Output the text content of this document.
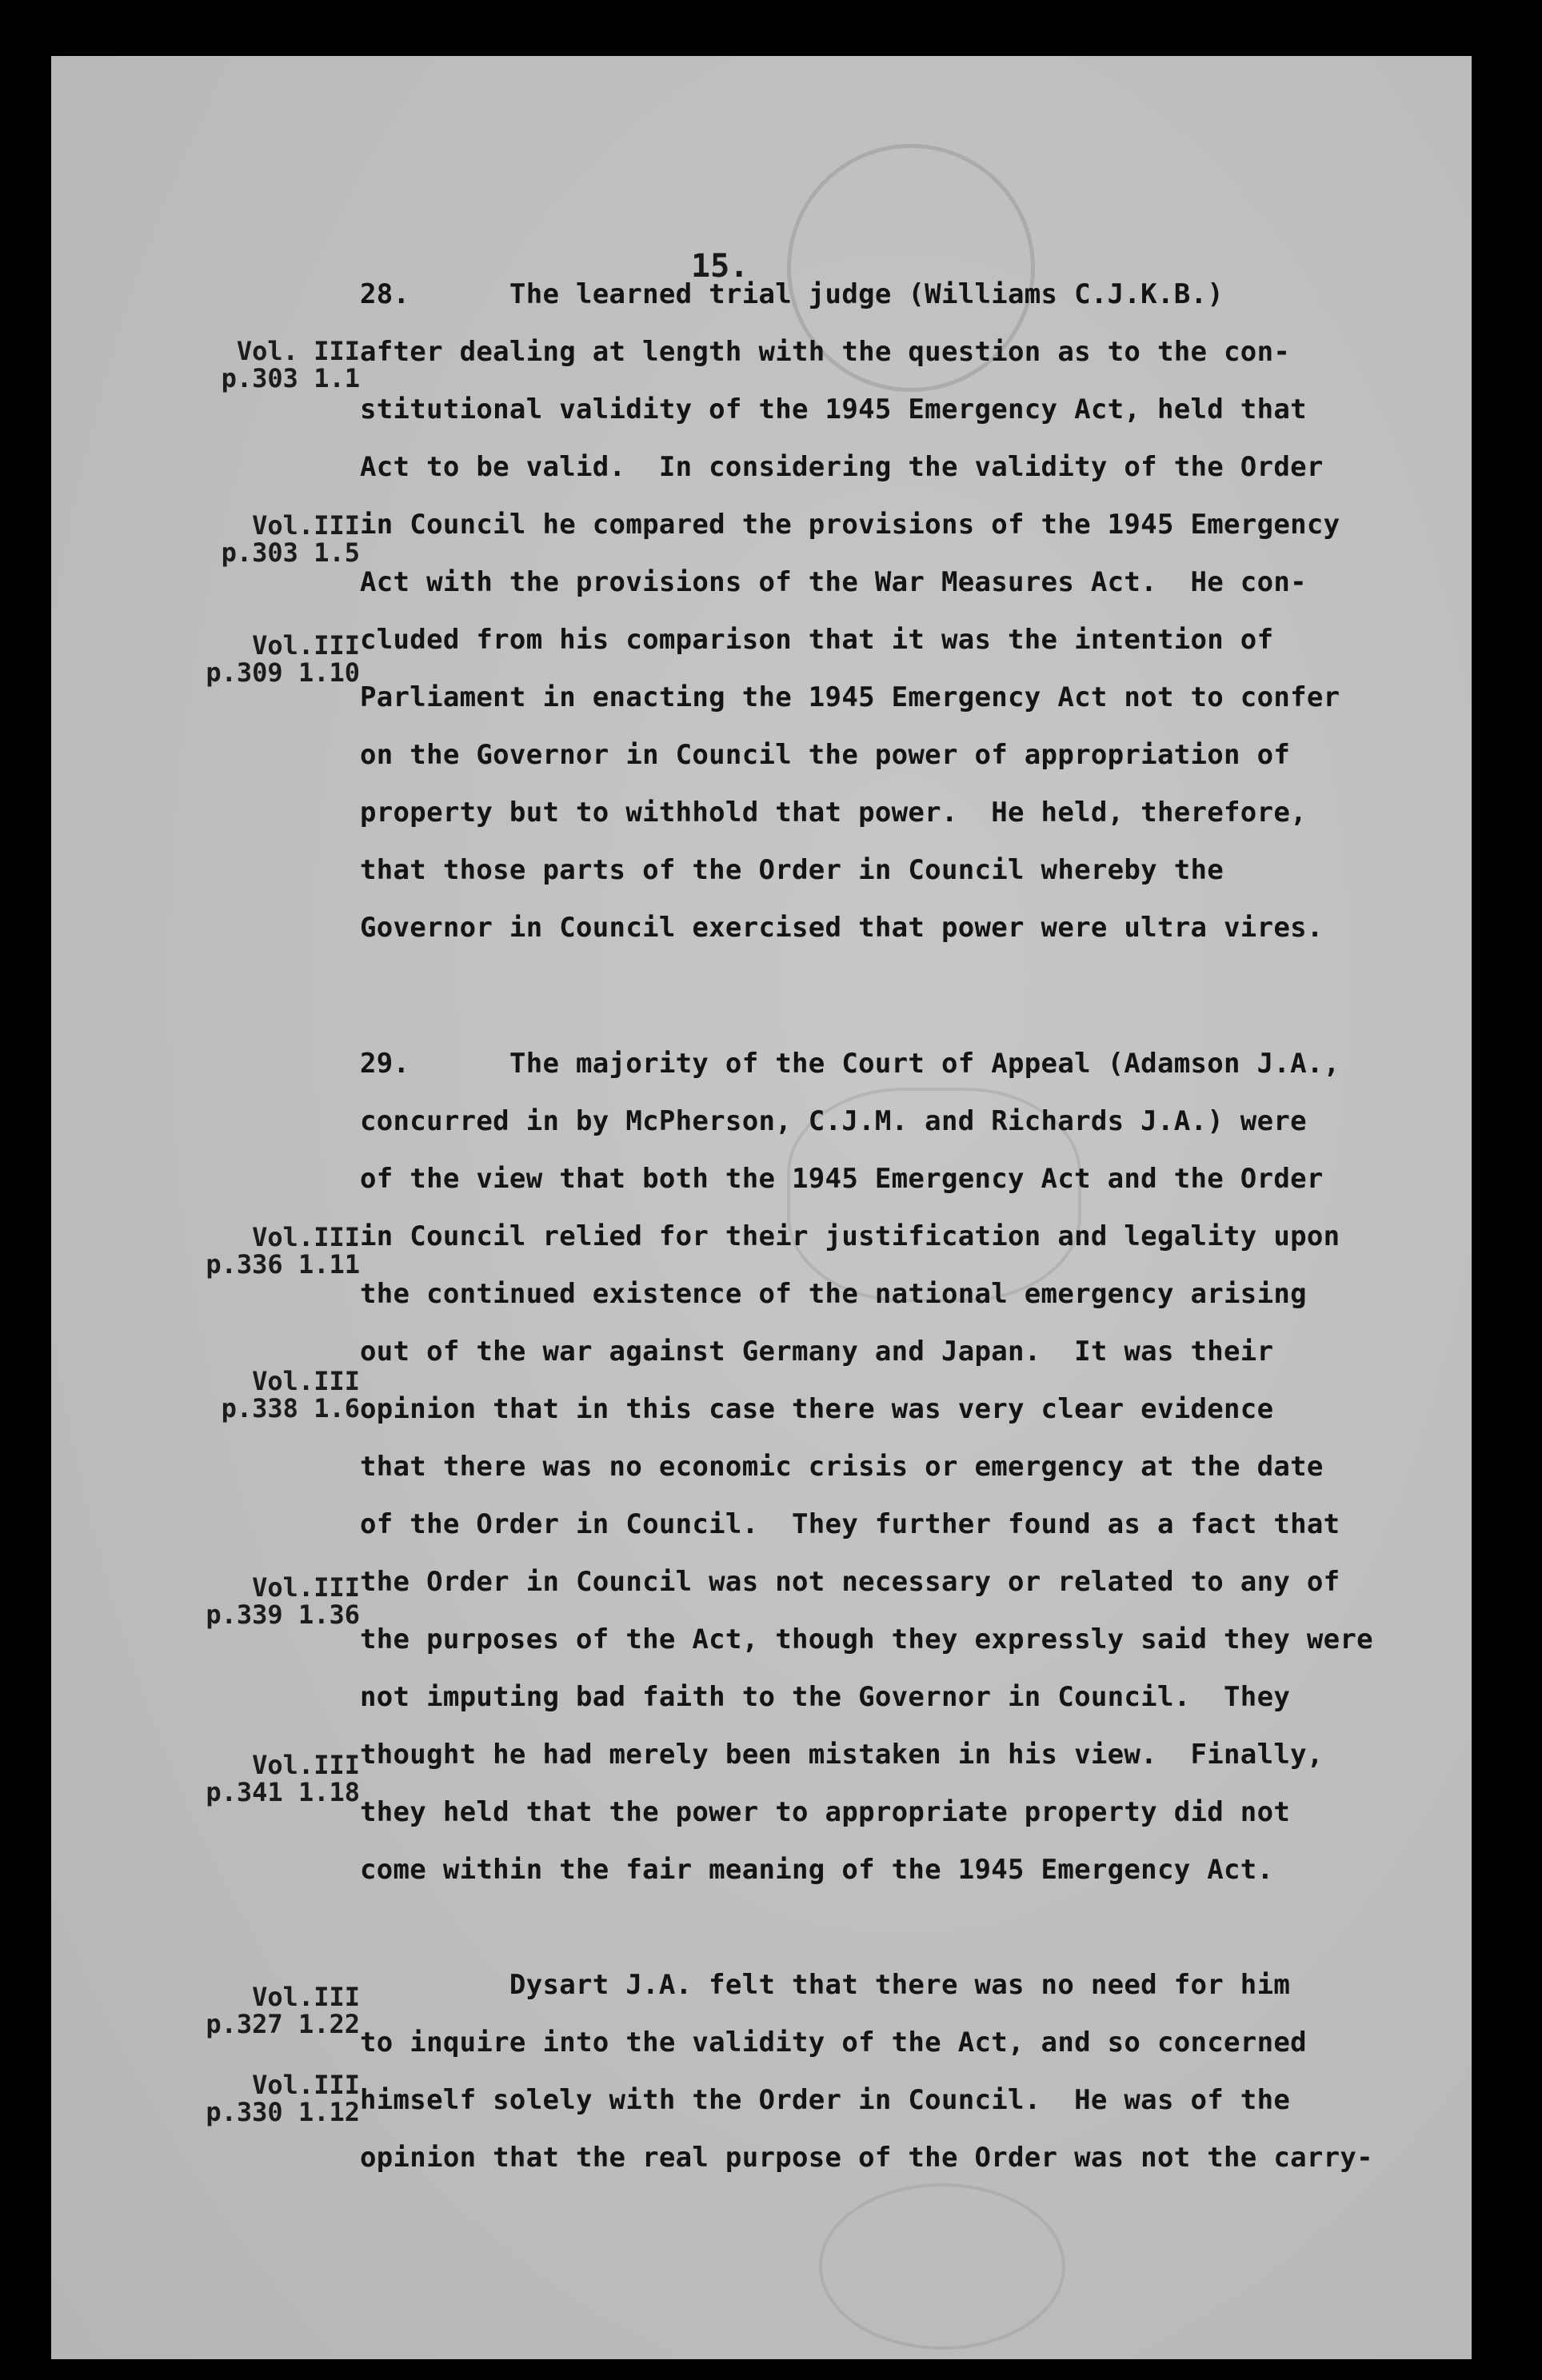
15.
Vol. III
p.303 1.1
Vol.III
p.303 1.5
Vol.III
p.309 1.10
Vol.III
p.336 1.11
Vol.III
p.338 1.6
Vol.III
p.339 1.36
Vol.III
p.341 1.18
Vol.III
p.327 1.22
Vol.III
p.330 1.12
28.      The learned trial judge (Williams C.J.K.B.)
after dealing at length with the question as to the con-
stitutional validity of the 1945 Emergency Act, held that
Act to be valid.  In considering the validity of the Order
in Council he compared the provisions of the 1945 Emergency
Act with the provisions of the War Measures Act.  He con-
cluded from his comparison that it was the intention of
Parliament in enacting the 1945 Emergency Act not to confer
on the Governor in Council the power of appropriation of
property but to withhold that power.  He held, therefore,
that those parts of the Order in Council whereby the
Governor in Council exercised that power were ultra vires.
29.      The majority of the Court of Appeal (Adamson J.A.,
concurred in by McPherson, C.J.M. and Richards J.A.) were
of the view that both the 1945 Emergency Act and the Order
in Council relied for their justification and legality upon
the continued existence of the national emergency arising
out of the war against Germany and Japan.  It was their
opinion that in this case there was very clear evidence
that there was no economic crisis or emergency at the date
of the Order in Council.  They further found as a fact that
the Order in Council was not necessary or related to any of
the purposes of the Act, though they expressly said they were
not imputing bad faith to the Governor in Council.  They
thought he had merely been mistaken in his view.  Finally,
they held that the power to appropriate property did not
come within the fair meaning of the 1945 Emergency Act.
Dysart J.A. felt that there was no need for him
to inquire into the validity of the Act, and so concerned
himself solely with the Order in Council.  He was of the
opinion that the real purpose of the Order was not the carry-
